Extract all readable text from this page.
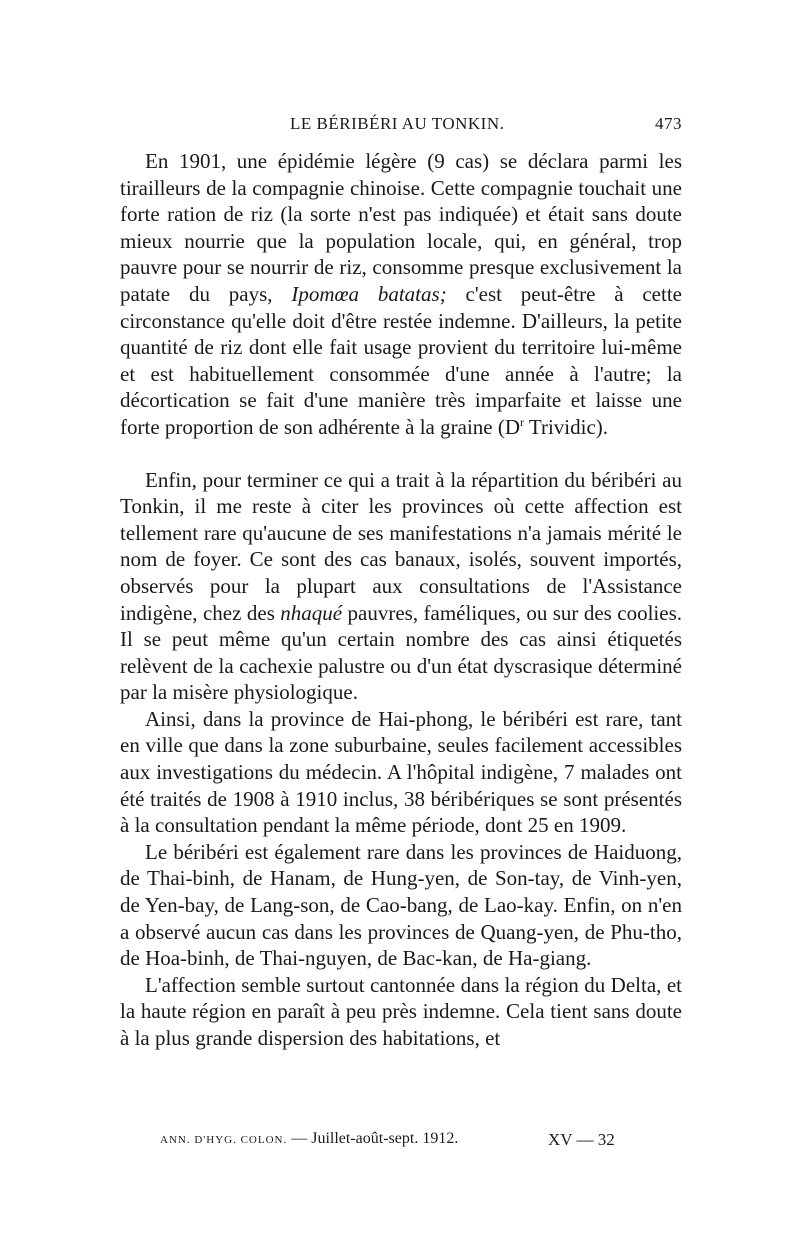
LE BÉRIBÉRI AU TONKIN.	473

En 1901, une épidémie légère (9 cas) se déclara parmi les tirailleurs de la compagnie chinoise. Cette compagnie touchait une forte ration de riz (la sorte n'est pas indiquée) et était sans doute mieux nourrie que la population locale, qui, en général, trop pauvre pour se nourrir de riz, consomme presque exclusivement la patate du pays, Ipomœa batatas; c'est peut-être à cette circonstance qu'elle doit d'être restée indemne. D'ailleurs, la petite quantité de riz dont elle fait usage provient du territoire lui-même et est habituellement consommée d'une année à l'autre; la décortication se fait d'une manière très imparfaite et laisse une forte proportion de son adhérente à la graine ($D^r$ Trividic).

Enfin, pour terminer ce qui a trait à la répartition du béribéri au Tonkin, il me reste à citer les provinces où cette affection est tellement rare qu'aucune de ses manifestations n'a jamais mérité le nom de foyer. Ce sont des cas banaux, isolés, souvent importés, observés pour la plupart aux consultations de l'Assistance indigène, chez des nhaqué pauvres, faméliques, ou sur des coolies. Il se peut même qu'un certain nombre des cas ainsi étiquetés relèvent de la cachexie palustre ou d'un état dyscrasique déterminé par la misère physiologique.

Ainsi, dans la province de Hai-phong, le béribéri est rare, tant en ville que dans la zone suburbaine, seules facilement accessibles aux investigations du médecin. A l'hôpital indigène, 7 malades ont été traités de 1908 à 1910 inclus, 38 béribériques se sont présentés à la consultation pendant la même période, dont 25 en 1909.

Le béribéri est également rare dans les provinces de Haiduong, de Thai-binh, de Hanam, de Hung-yen, de Son-tay, de Vinh-yen, de Yen-bay, de Lang-son, de Cao-bang, de Lao-kay. Enfin, on n'en a observé aucun cas dans les provinces de Quang-yen, de Phu-tho, de Hoa-binh, de Thai-nguyen, de Bac-kan, de Ha-giang.

L'affection semble surtout cantonnée dans la région du Delta, et la haute région en paraît à peu près indemne. Cela tient sans doute à la plus grande dispersion des habitations, et

ANN. D'HYG. COLON. — Juillet-août-sept. 1912.	XV — 32
